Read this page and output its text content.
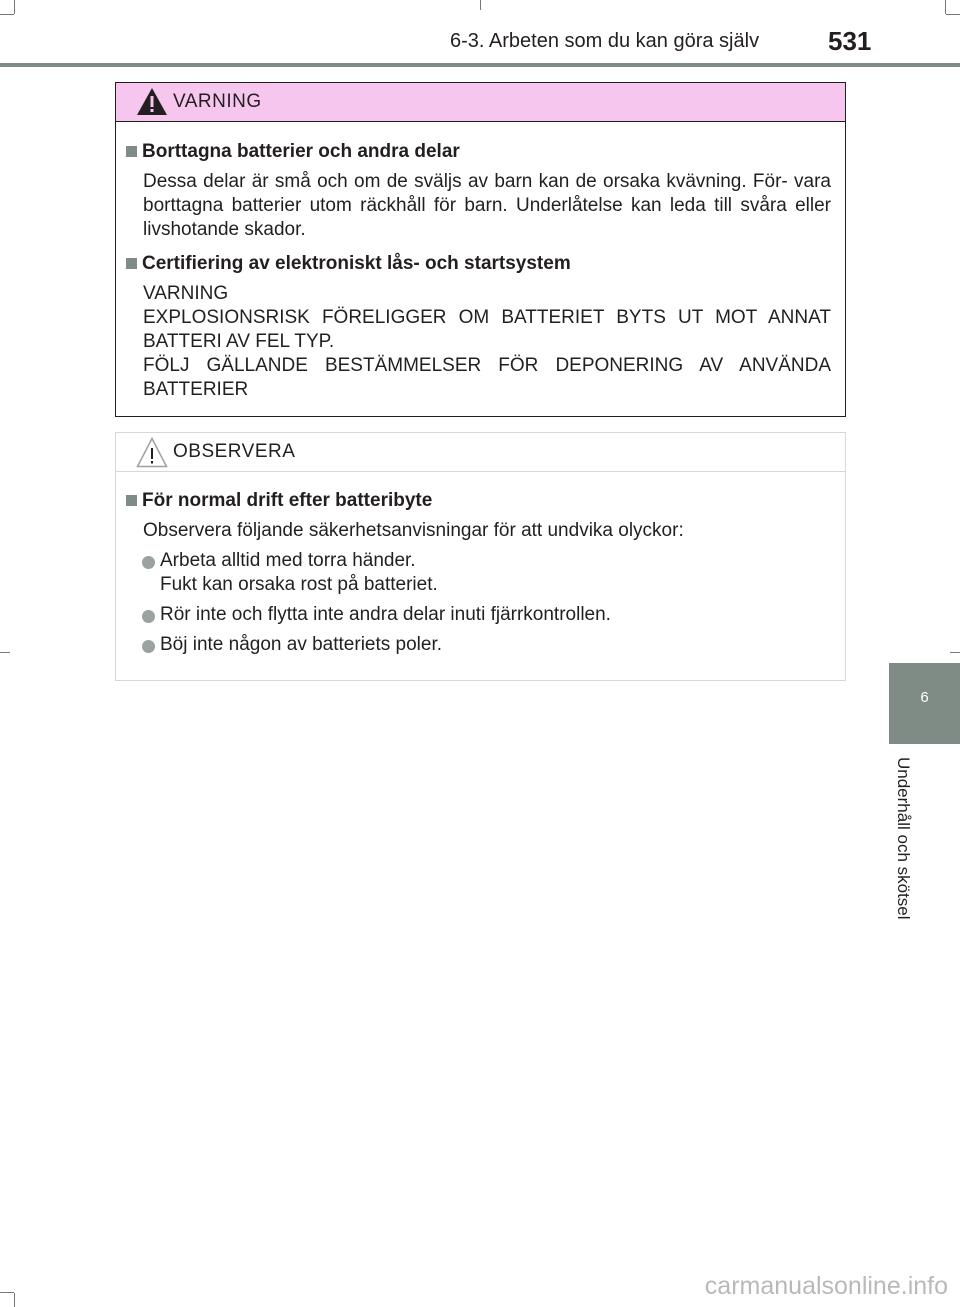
6-3. Arbeten som du kan göra själv	531
VARNING
Borttagna batterier och andra delar
Dessa delar är små och om de sväljs av barn kan de orsaka kvävning. För- vara borttagna batterier utom räckhåll för barn. Underlåtelse kan leda till svåra eller livshotande skador.
Certifiering av elektroniskt lås- och startsystem
VARNING
EXPLOSIONSRISK FÖRELIGGER OM BATTERIET BYTS UT MOT ANNAT BATTERI AV FEL TYP.
FÖLJ GÄLLANDE BESTÄMMELSER FÖR DEPONERING AV ANVÄNDA BATTERIER
OBSERVERA
För normal drift efter batteribyte
Observera följande säkerhetsanvisningar för att undvika olyckor:
Arbeta alltid med torra händer.
Fukt kan orsaka rost på batteriet.
Rör inte och flytta inte andra delar inuti fjärrkontrollen.
Böj inte någon av batteriets poler.
6
Underhåll och skötsel
carmanualsonline.info
